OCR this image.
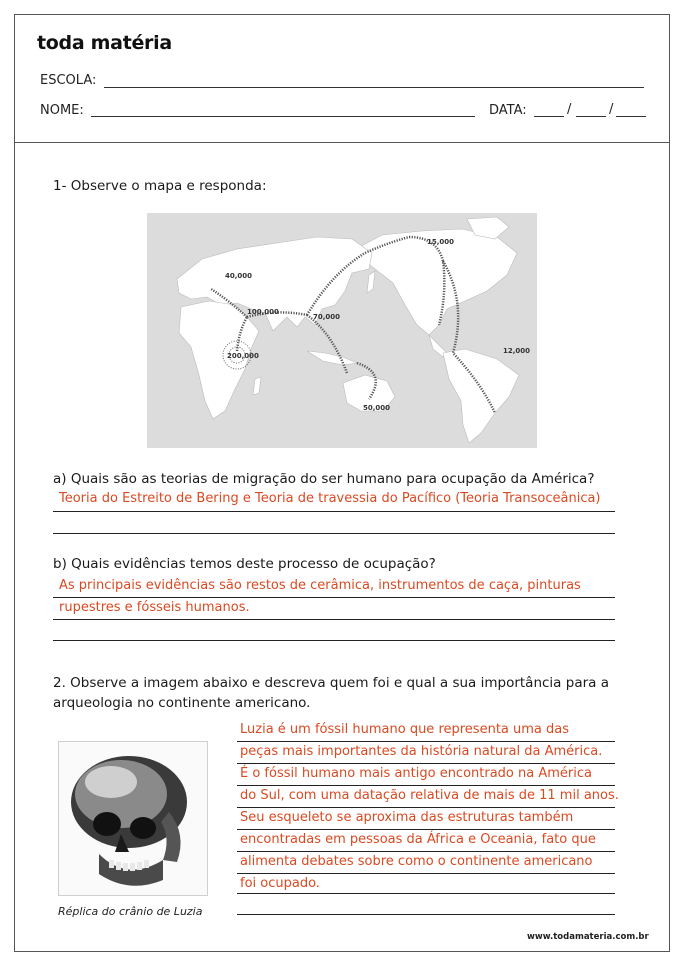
toda matéria
ESCOLA:
NOME:	DATA:	/	/
1- Observe o mapa e responda:
40,000
100,000
70,000
200,000
15,000
12,000
50,000
a) Quais são as teorias de migração do ser humano para ocupação da América?
Teoria do Estreito de Bering e Teoria de travessia do Pacífico (Teoria Transoceânica)
b) Quais evidências temos deste processo de ocupação?
As principais evidências são restos de cerâmica, instrumentos de caça, pinturas
rupestres e fósseis humanos.
2. Observe a imagem abaixo e descreva quem foi e qual a sua importância para a
arqueologia no continente americano.
Réplica do crânio de Luzia
Luzia é um fóssil humano que representa uma das
peças mais importantes da história natural da América.
É o fóssil humano mais antigo encontrado na América
do Sul, com uma datação relativa de mais de 11 mil anos.
Seu esqueleto se aproxima das estruturas também
encontradas em pessoas da África e Oceania, fato que
alimenta debates sobre como o continente americano
foi ocupado.
www.todamateria.com.br
